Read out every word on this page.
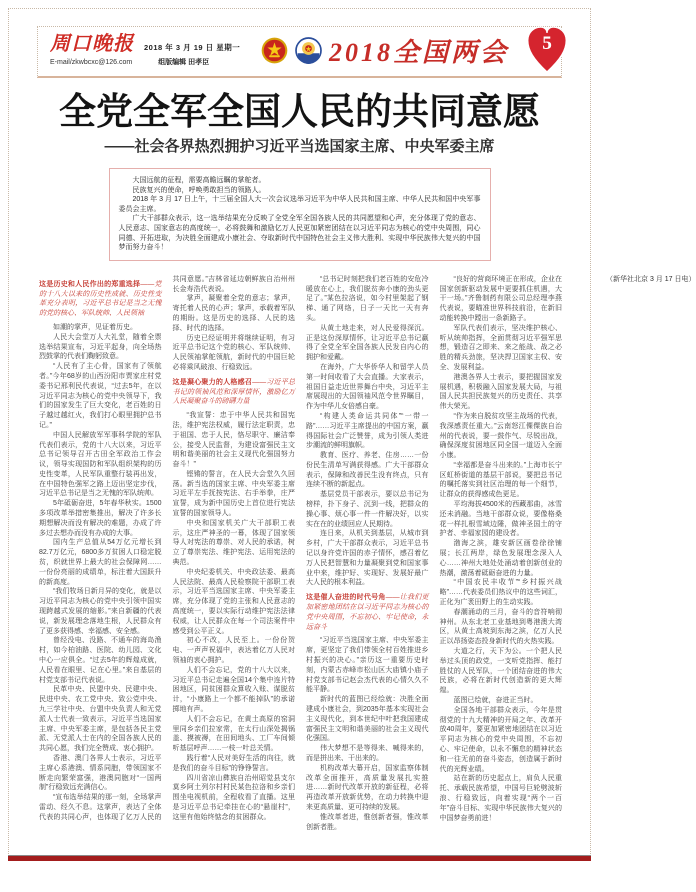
周口晚报 2018 年 3 月 19 日 星期一
E-mail/zkwbcxc@126.com	组版编辑 田孝臣	2018全国两会 5
全党全军全国人民的共同意愿
——社会各界热烈拥护习近平当选国家主席、中央军委主席

大国远航的征程，需要高瞻远瞩的掌舵者。

民族复兴的使命，呼唤勇敢担当的领路人。

2018 年 3 月 17 日上午，十三届全国人大一次会议选举习近平为中华人民共和国主席、中华人民共和国中央军事委员会主席。

广大干部群众表示，这一选举结果充分反映了全党全军全国各族人民的共同愿望和心声，充分体现了党的意志、人民意志、国家意志的高度统一，必将鼓舞和激励亿万人民更加紧密团结在以习近平同志为核心的党中央周围，同心同德、开拓进取，为决胜全面建成小康社会、夺取新时代中国特色社会主义伟大胜利、实现中华民族伟大复兴的中国梦而努力奋斗！

这是历史和人民作出的郑重选择——党的十八大以来的历史性成就、历史性变革充分表明，习近平总书记是当之无愧的党的核心、军队统帅、人民领袖

如潮的掌声，见证着历史。

人民大会堂万人大礼堂，随着全票选举结果宣布，习近平起身，向全场热烈鼓掌的代表们鞠躬致意。

“人民有了主心骨，国家有了领航者。”今年68岁的山西汾阳市贾家庄村党委书记邢利民代表说，“过去5年，在以习近平同志为核心的党中央领导下，我们的国家发生了巨大变化，老百姓的日子越过越红火，我们打心眼里拥护总书记。”

中国人民解放军军事科学院的军队代表们表示，党的十八大以来，习近平总书记领导召开古田全军政治工作会议，领导实现国防和军队组织架构的历史性变革，人民军队重整行装再出发，在中国特色强军之路上迈出坚定步伐，习近平总书记是当之无愧的军队统帅。

5年砥砺奋进，5年春华秋实。1500多项改革举措密集推出，解决了许多长期想解决而没有解决的难题，办成了许多过去想办而没有办成的大事。

国内生产总值从54万亿元增长到82.7万亿元，6800多万贫困人口稳定脱贫，织就世界上最大的社会保障网……一份份亮丽的成绩单，标注着大国跃升的新高度。

“我们牧场日新月异的变化，就是以习近平同志为核心的党中央引领中国实现跨越式发展的缩影。”来自新疆的代表说，新发展理念落地生根，人民群众有了更多获得感、幸福感、安全感。

曾经没电、没路、不通车的海岛渔村，如今柏油路、医院、幼儿园、文化中心一应俱全。“过去5年的辉煌成就，人民看在眼里、记在心里。”来自基层的村党支部书记代表说。

民革中央、民盟中央、民建中央、民进中央、农工党中央、致公党中央、九三学社中央、台盟中央负责人和无党派人士代表一致表示，习近平当选国家主席、中央军委主席，是包括各民主党派、无党派人士在内的全国各族人民的共同心愿，我们完全赞成、衷心拥护。

香港、澳门各界人士表示，习近平主席心系港澳、情系同胞，带领国家不断走向繁荣富强，港澳同胞对“一国两制”行稳致远充满信心。

“宣布选举结果的那一刻，全场掌声雷动、经久不息。这掌声，表达了全体代表的共同心声，也体现了亿万人民的共同意愿。”吉林省延边朝鲜族自治州州长金寿浩代表说。

掌声，凝聚着全党的意志；掌声，寄托着人民的心声；掌声，承载着军队的期盼。这是历史的选择、人民的选择、时代的选择。

历史已经证明并将继续证明，有习近平总书记这个党的核心、军队统帅、人民领袖掌舵领航，新时代的中国巨轮必将乘风破浪、行稳致远。

这是凝心聚力的人格感召——习近平总书记的领袖风范和深厚情怀，激励亿万人民凝聚奋斗的磅礴力量

“我宣誓：忠于中华人民共和国宪法，维护宪法权威，履行法定职责，忠于祖国、忠于人民，恪尽职守、廉洁奉公，接受人民监督，为建设富强民主文明和谐美丽的社会主义现代化强国努力奋斗！”

铿锵的誓言，在人民大会堂久久回荡。新当选的国家主席、中央军委主席习近平左手抚按宪法、右手举拳，庄严宣誓，成为新中国历史上首位进行宪法宣誓的国家领导人。

中央和国家机关广大干部职工表示，这庄严神圣的一幕，体现了国家领导人对宪法的尊崇、对人民的承诺，树立了尊崇宪法、维护宪法、运用宪法的典范。

中央纪委机关、中央政法委、最高人民法院、最高人民检察院干部职工表示，习近平当选国家主席、中央军委主席，充分体现了党的主张和人民意志的高度统一，要以实际行动维护宪法法律权威，让人民群众在每一个司法案件中感受到公平正义。

初心不改，人民至上。一份份贺电、一声声祝福中，表达着亿万人民对领袖的衷心拥护。

人们不会忘记，党的十八大以来，习近平总书记走遍全国14个集中连片特困地区，同贫困群众算收入账、谋脱贫计，“小康路上一个都不能掉队”的承诺掷地有声。

人们不会忘记，在黄土高原的窑洞里同乡亲们拉家常，在太行山深处揭锅盖、摸被褥，在田间地头、工厂车间倾听基层呼声……一枝一叶总关情。

践行着“人民对美好生活的向往，就是我们的奋斗目标”的铮铮誓言。

四川省凉山彝族自治州昭觉县支尔莫乡阿土列尔村村民某色拉洛和乡亲们围坐电视机前，全程收看了直播。这里是习近平总书记牵挂在心的“悬崖村”，这里有他始终惦念的贫困群众。

“总书记时刻把我们老百姓的安危冷暖放在心上，我们脱贫奔小康的劲头更足了。”某色拉洛说，如今村里架起了钢梯、通了网络，日子一天比一天有奔头。

从黄土地走来，对人民爱得深沉。正是这份深厚情怀，让习近平总书记赢得了全党全军全国各族人民发自内心的拥护和爱戴。

在海外，广大华侨华人和留学人员第一时间收看了大会直播。大家表示，祖国日益走近世界舞台中央，习近平主席展现出的大国领袖风范令世界瞩目，作为中华儿女倍感自豪。

“构建人类命运共同体”“一带一路”……习近平主席提出的中国方案，赢得国际社会广泛赞誉，成为引领人类进步潮流的鲜明旗帜。

教育、医疗、养老、住房……一份份民生清单写满获得感。广大干部群众表示，保障和改善民生没有终点，只有连续不断的新起点。

基层党员干部表示，要以总书记为榜样，扑下身子、沉到一线，把群众的操心事、烦心事一件一件解决好，以实实在在的业绩回应人民期待。

连日来，从机关到基层，从城市到乡村，广大干部群众表示，习近平总书记以身许党许国的赤子情怀，感召着亿万人民把智慧和力量凝聚到党和国家事业中来，维护好、实现好、发展好最广大人民的根本利益。

这是催人奋进的时代号角——让我们更加紧密地团结在以习近平同志为核心的党中央周围，不忘初心、牢记使命，永远奋斗

“习近平当选国家主席、中央军委主席，更坚定了我们带领全村百姓推进乡村振兴的决心。”亲历这一重要历史时刻，内蒙古赤峰市松山区大庙镇小庙子村党支部书记赵会杰代表的心情久久不能平静。

新时代的蓝图已经绘就：决胜全面建成小康社会，到2035年基本实现社会主义现代化，到本世纪中叶把我国建成富强民主文明和谐美丽的社会主义现代化强国。

伟大梦想不是等得来、喊得来的，而是拼出来、干出来的。

机构改革大幕开启，国家监察体制改革全面推开，高质量发展扎实推进……新时代改革开放的新征程，必将再造改革开放新优势，在动力转换中迎来更高质量、更可持续的发展。

惟改革者进，惟创新者强，惟改革创新者胜。

“良好的营商环境正在形成，企业在国家创新驱动发展中更要抓住机遇，大干一场。”齐鲁制药有限公司总经理李燕代表说，要瞄准世界科技前沿，在新旧动能转换中蹚出一条新路子。

军队代表们表示，坚决维护核心、听从统帅指挥，全面贯彻习近平强军思想，锻造召之即来、来之能战、战之必胜的精兵劲旅，坚决捍卫国家主权、安全、发展利益。

港澳各界人士表示，要把握国家发展机遇，积极融入国家发展大局，与祖国人民共担民族复兴的历史责任、共享伟大荣光。

“作为来自脱贫攻坚主战场的代表，我深感责任重大。”云南怒江傈僳族自治州的代表说，要一鼓作气、尽锐出战，确保深度贫困地区同全国一道迈入全面小康。

“幸福都是奋斗出来的。”上海市长宁区虹桥街道的基层干部说，要把总书记的嘱托落实到社区治理的每一个细节，让群众的获得感成色更足。

平均海拔4500米的西藏那曲，冰雪还未消融。当地干部群众说，要像格桑花一样扎根雪域边陲，做神圣国土的守护者、幸福家园的建设者。

渤海之滨，雄安新区画卷徐徐铺展；长江两岸，绿色发展理念深入人心……神州大地处处涌动着创新创业的热潮，激荡着砥砺奋进的力量。

“中国农民丰收节”“乡村振兴战略”……代表委员们热议中的这些词汇，正化为广袤田野上的生动实践。

春潮涌动的三月，奋斗的音符响彻神州。从东北老工业基地到粤港澳大湾区，从黄土高坡到东海之滨，亿万人民正以昂扬姿态投身新时代的火热实践。

大道之行，天下为公。一个把人民举过头顶的政党，一支听党指挥、能打胜仗的人民军队，一个团结奋进的伟大民族，必将在新时代创造新的更大辉煌。

蓝图已绘就，奋进正当时。

全国各地干部群众表示，今年是贯彻党的十九大精神的开局之年、改革开放40周年，要更加紧密地团结在以习近平同志为核心的党中央周围，不忘初心、牢记使命，以永不懈怠的精神状态和一往无前的奋斗姿态，创造属于新时代的光辉业绩。

站在新的历史起点上，肩负人民重托、承载民族希望，中国号巨轮劈波斩浪、行稳致远，向着实现“两个一百年”奋斗目标、实现中华民族伟大复兴的中国梦奋勇前进！

（新华社北京 3 月 17 日电）
